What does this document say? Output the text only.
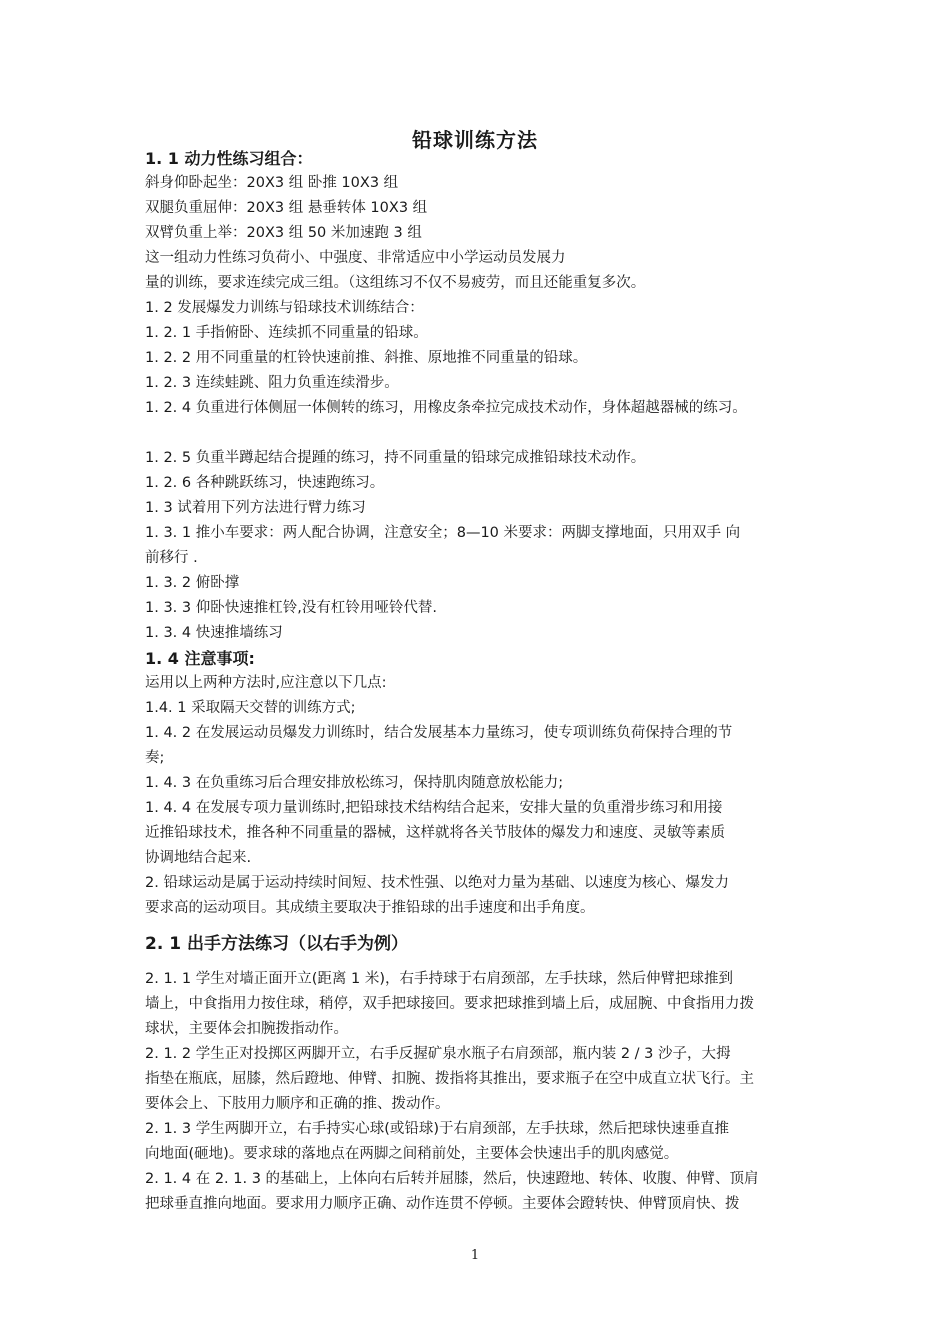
铅球训练方法
1. 1 动力性练习组合：
斜身仰卧起坐：20X3 组 卧推 10X3 组
双腿负重屈伸：20X3 组 悬垂转体 10X3 组
双臂负重上举：20X3 组 50 米加速跑 3 组
这一组动力性练习负荷小、中强度、非常适应中小学运动员发展力
量的训练，要求连续完成三组。（这组练习不仅不易疲劳，而且还能重复多次。
1. 2 发展爆发力训练与铅球技术训练结合：
1. 2. 1 手指俯卧、连续抓不同重量的铅球。
1. 2. 2 用不同重量的杠铃快速前推、斜推、原地推不同重量的铅球。
1. 2. 3 连续蛙跳、阻力负重连续滑步。
1. 2. 4 负重进行体侧屈一体侧转的练习，用橡皮条牵拉完成技术动作，身体超越器械的练习。
1. 2. 5 负重半蹲起结合提踵的练习，持不同重量的铅球完成推铅球技术动作。
1. 2. 6 各种跳跃练习，快速跑练习。
1. 3 试着用下列方法进行臂力练习
1. 3. 1 推小车要求：两人配合协调，注意安全；8—10 米要求：两脚支撑地面，只用双手 向
前移行 .
1. 3. 2 俯卧撑
1. 3. 3 仰卧快速推杠铃,没有杠铃用哑铃代替.
1. 3. 4 快速推墙练习
1. 4 注意事项:
运用以上两种方法时,应注意以下几点:
1.4. 1 采取隔天交替的训练方式;
1. 4. 2 在发展运动员爆发力训练时，结合发展基本力量练习，使专项训练负荷保持合理的节
奏;
1. 4. 3 在负重练习后合理安排放松练习，保持肌肉随意放松能力;
1. 4. 4 在发展专项力量训练时,把铅球技术结构结合起来，安排大量的负重滑步练习和用接
近推铅球技术，推各种不同重量的器械，这样就将各关节肢体的爆发力和速度、灵敏等素质
协调地结合起来.
2. 铅球运动是属于运动持续时间短、技术性强、以绝对力量为基础、以速度为核心、爆发力
要求高的运动项目。其成绩主要取决于推铅球的出手速度和出手角度。
2. 1 出手方法练习（以右手为例）
2. 1. 1 学生对墙正面开立(距离 1 米)，右手持球于右肩颈部，左手扶球，然后伸臂把球推到
墙上，中食指用力按住球，稍停，双手把球接回。要求把球推到墙上后，成屈腕、中食指用力拨
球状，主要体会扣腕拨指动作。
2. 1. 2 学生正对投掷区两脚开立，右手反握矿泉水瓶子右肩颈部，瓶内装 2 / 3 沙子，大拇
指垫在瓶底，屈膝，然后蹬地、伸臂、扣腕、拨指将其推出，要求瓶子在空中成直立状飞行。主
要体会上、下肢用力顺序和正确的推、拨动作。
2. 1. 3 学生两脚开立，右手持实心球(或铅球)于右肩颈部，左手扶球，然后把球快速垂直推
向地面(砸地)。要求球的落地点在两脚之间稍前处，主要体会快速出手的肌肉感觉。
2. 1. 4 在 2. 1. 3 的基础上，上体向右后转并屈膝，然后，快速蹬地、转体、收腹、伸臂、顶肩
把球垂直推向地面。要求用力顺序正确、动作连贯不停顿。主要体会蹬转快、伸臂顶肩快、拨
1
